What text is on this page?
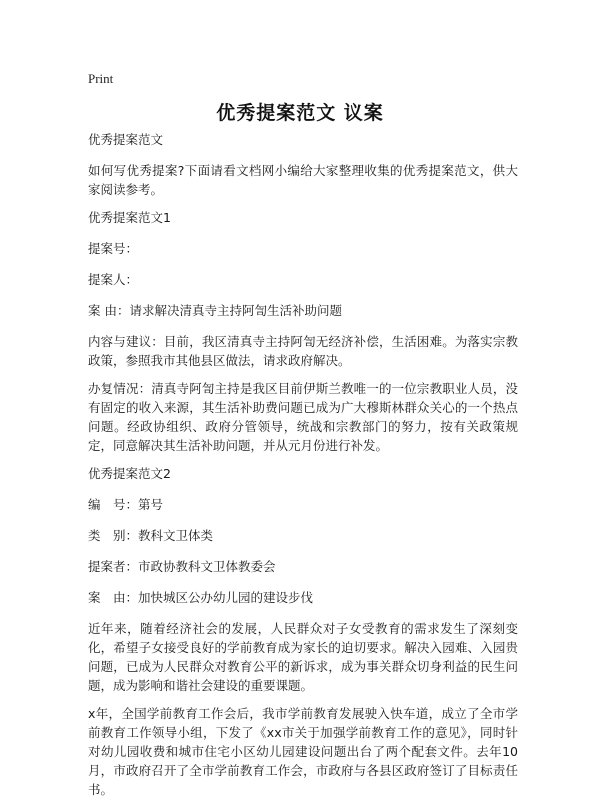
Print
优秀提案范文 议案

优秀提案范文

如何写优秀提案?下面请看文档网小编给大家整理收集的优秀提案范文，供大家阅读参考。

优秀提案范文1

提案号：

提案人：

案 由：请求解决清真寺主持阿訇生活补助问题

内容与建议：目前，我区清真寺主持阿訇无经济补偿，生活困难。为落实宗教政策，参照我市其他县区做法，请求政府解决。

办复情况：清真寺阿訇主持是我区目前伊斯兰教唯一的一位宗教职业人员，没有固定的收入来源，其生活补助费问题已成为广大穆斯林群众关心的一个热点问题。经政协组织、政府分管领导，统战和宗教部门的努力，按有关政策规定，同意解决其生活补助问题，并从元月份进行补发。

优秀提案范文2

编　号：第号

类　别：教科文卫体类

提案者：市政协教科文卫体教委会

案　由：加快城区公办幼儿园的建设步伐

近年来，随着经济社会的发展，人民群众对子女受教育的需求发生了深刻变化，希望子女接受良好的学前教育成为家长的迫切要求。解决入园难、入园贵问题，已成为人民群众对教育公平的新诉求，成为事关群众切身利益的民生问题，成为影响和谐社会建设的重要课题。

x年，全国学前教育工作会后，我市学前教育发展驶入快车道，成立了全市学前教育工作领导小组，下发了《xx市关于加强学前教育工作的意见》，同时针对幼儿园收费和城市住宅小区幼儿园建设问题出台了两个配套文件。去年10月，市政府召开了全市学前教育工作会，市政府与各县区政府签订了目标责任书。
